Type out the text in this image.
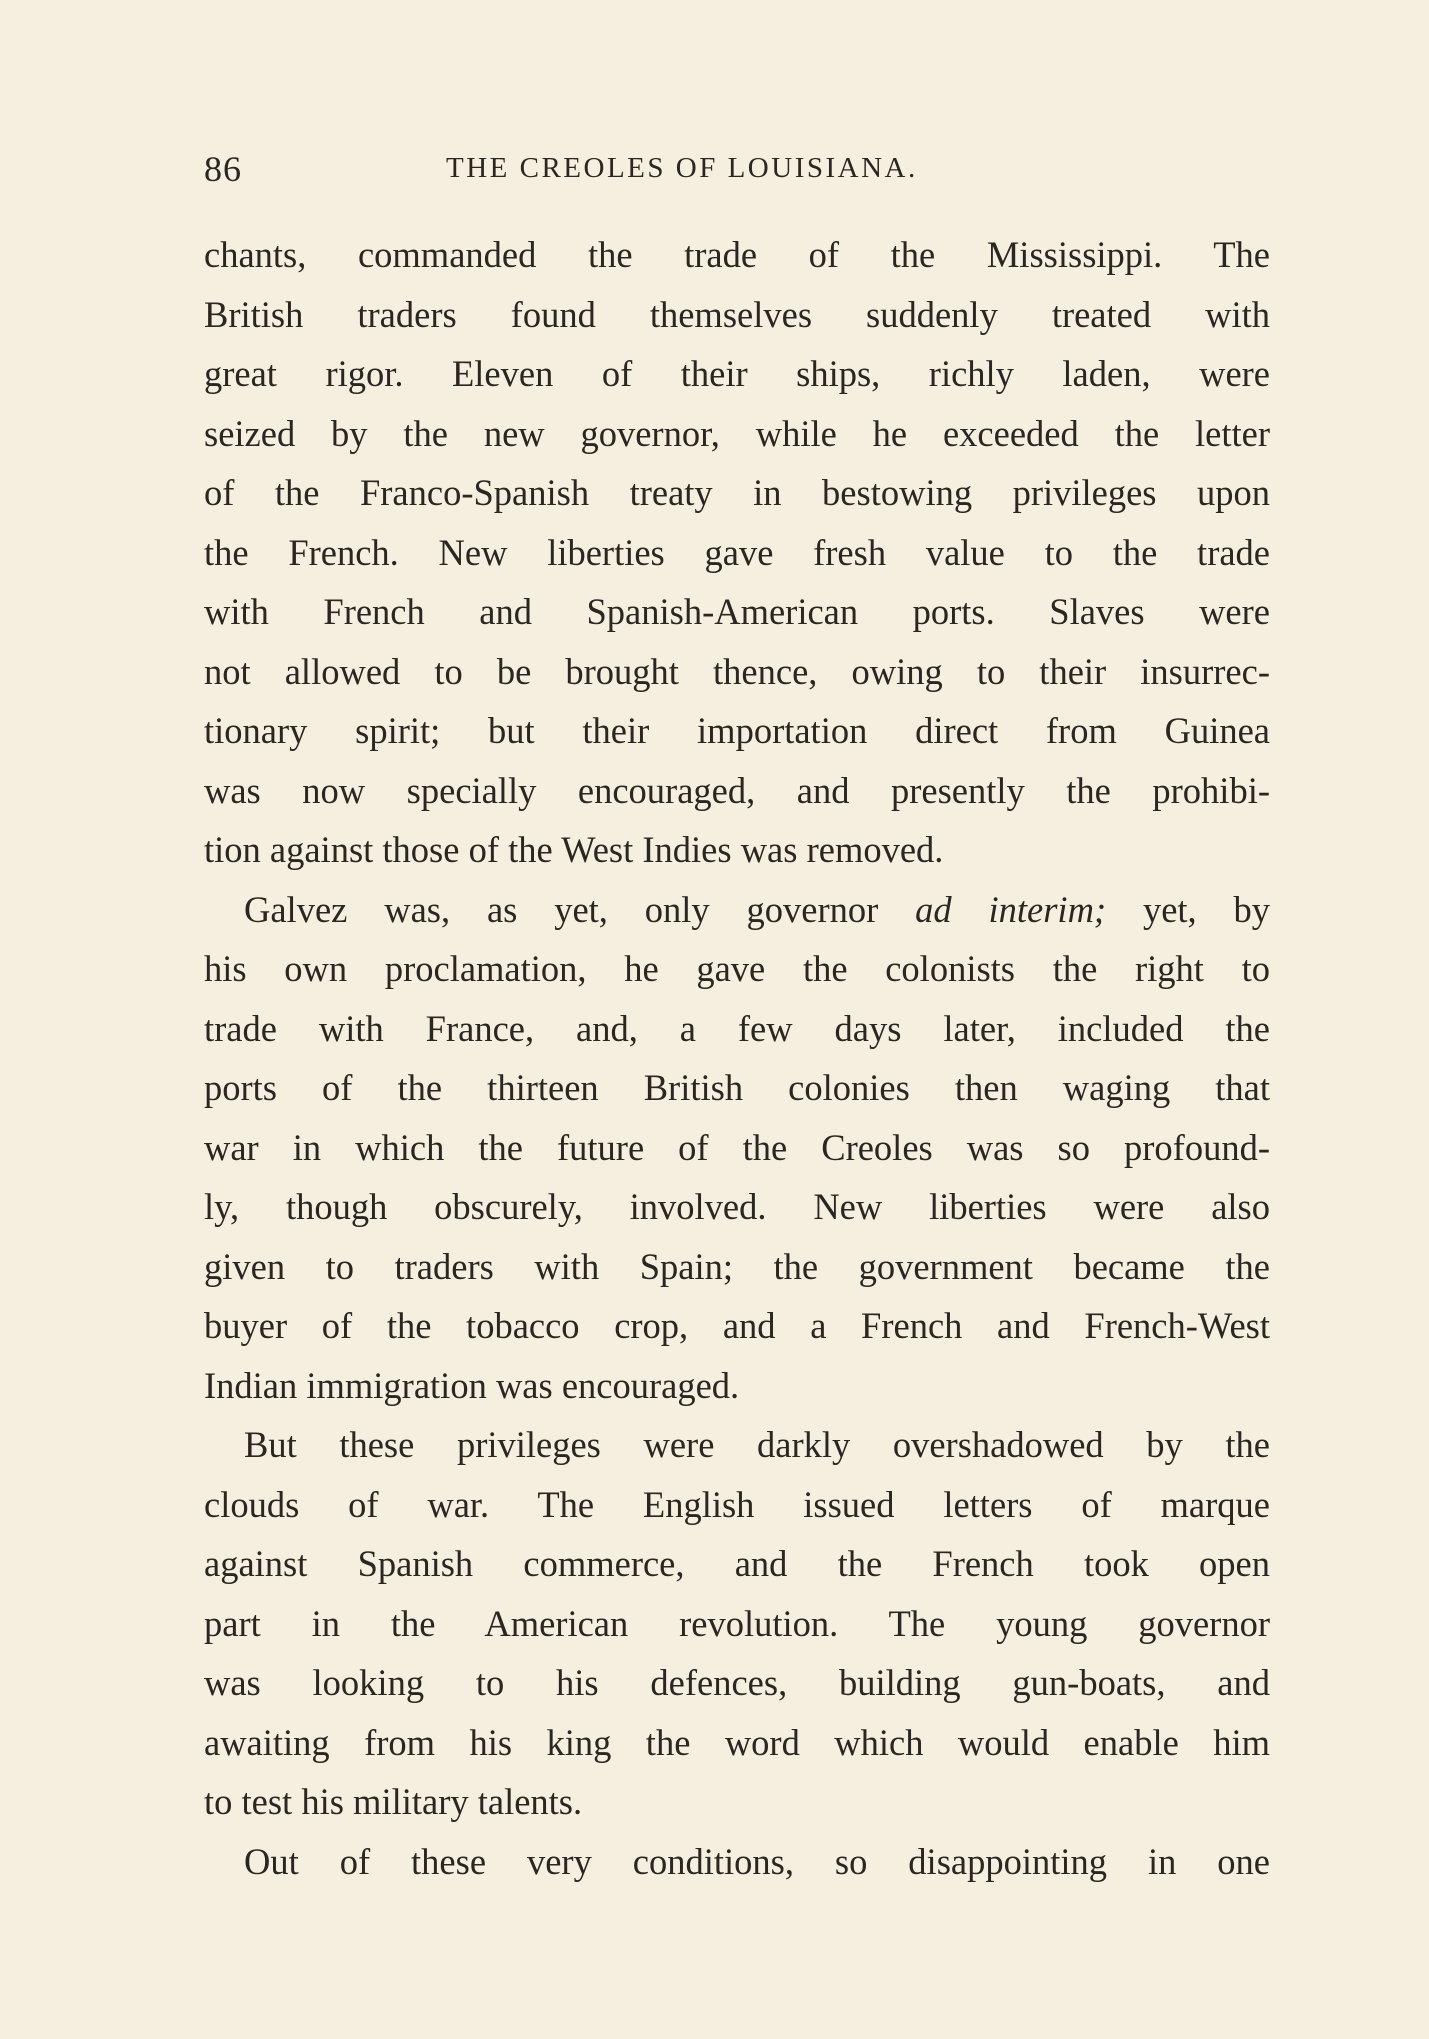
86	THE CREOLES OF LOUISIANA.
chants, commanded the trade of the Mississippi. The
British traders found themselves suddenly treated with
great rigor. Eleven of their ships, richly laden, were
seized by the new governor, while he exceeded the letter
of the Franco-Spanish treaty in bestowing privileges upon
the French. New liberties gave fresh value to the trade
with French and Spanish-American ports. Slaves were
not allowed to be brought thence, owing to their insurrec-
tionary spirit; but their importation direct from Guinea
was now specially encouraged, and presently the prohibi-
tion against those of the West Indies was removed.
Galvez was, as yet, only governor ad interim; yet, by
his own proclamation, he gave the colonists the right to
trade with France, and, a few days later, included the
ports of the thirteen British colonies then waging that
war in which the future of the Creoles was so profound-
ly, though obscurely, involved. New liberties were also
given to traders with Spain; the government became the
buyer of the tobacco crop, and a French and French-West
Indian immigration was encouraged.
But these privileges were darkly overshadowed by the
clouds of war. The English issued letters of marque
against Spanish commerce, and the French took open
part in the American revolution. The young governor
was looking to his defences, building gun-boats, and
awaiting from his king the word which would enable him
to test his military talents.
Out of these very conditions, so disappointing in one
